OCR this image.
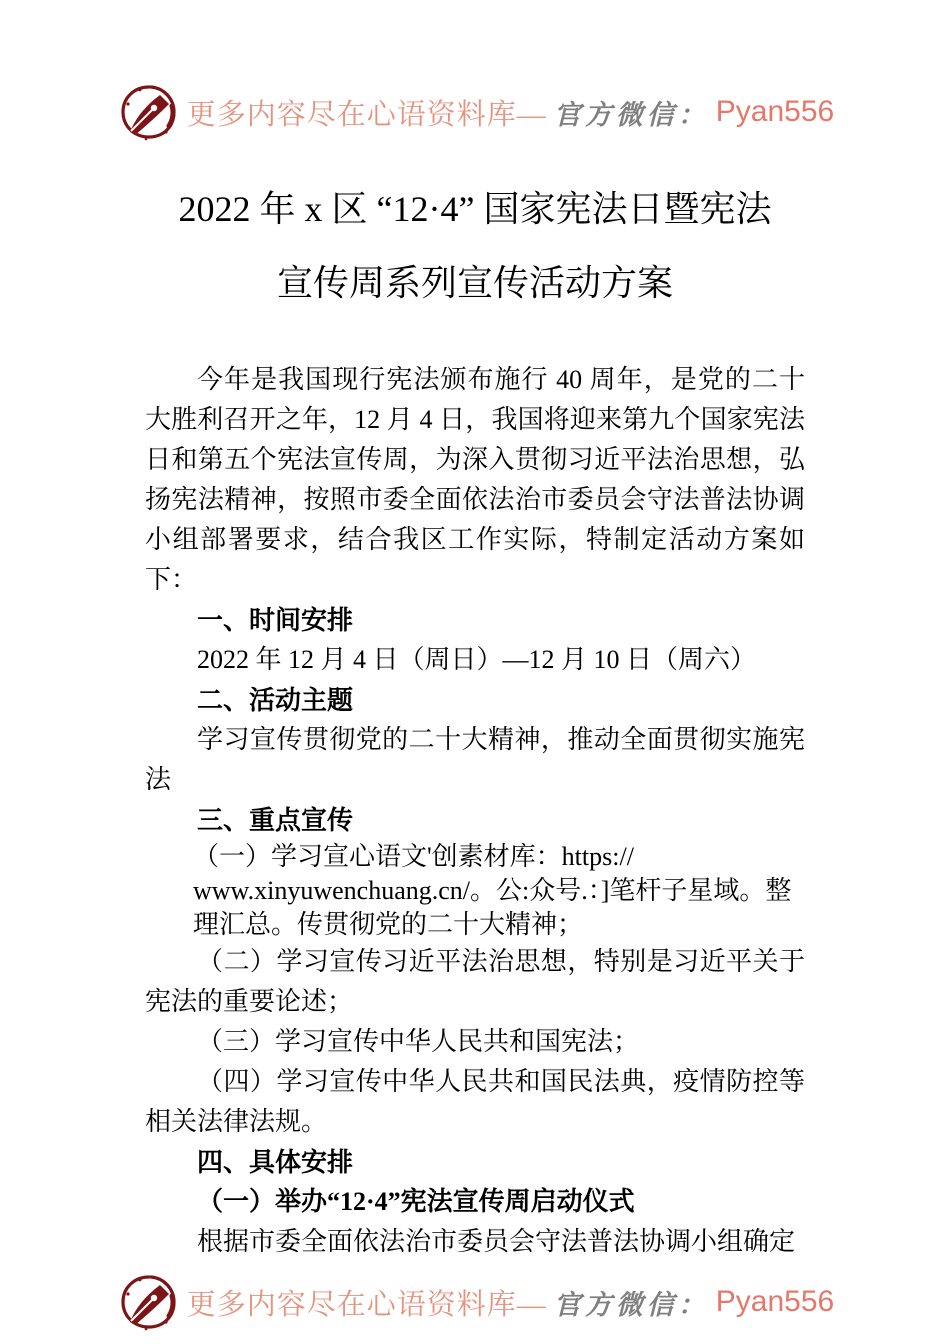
更多内容尽在心语资料库— 官方微信： Pyan556
2022 年 x 区 “12·4” 国家宪法日暨宪法
宣传周系列宣传活动方案

今年是我国现行宪法颁布施行 40 周年，是党的二十大胜利召开之年，12 月 4 日，我国将迎来第九个国家宪法日和第五个宪法宣传周，为深入贯彻习近平法治思想，弘扬宪法精神，按照市委全面依法治市委员会守法普法协调小组部署要求，结合我区工作实际，特制定活动方案如下：

一、时间安排

2022 年 12 月 4 日（周日）—12 月 10 日（周六）

二、活动主题

学习宣传贯彻党的二十大精神，推动全面贯彻实施宪法

三、重点宣传

（一）学习宣心语文'创素材库：https://

www.xinyuwenchuang.cn/。公:众号.：]笔杆子星域。整

理汇总。传贯彻党的二十大精神；

（二）学习宣传习近平法治思想，特别是习近平关于宪法的重要论述；

（三）学习宣传中华人民共和国宪法；

（四）学习宣传中华人民共和国民法典，疫情防控等相关法律法规。

四、具体安排

（一）举办“12·4”宪法宣传周启动仪式

根据市委全面依法治市委员会守法普法协调小组确定

更多内容尽在心语资料库— 官方微信： Pyan556
